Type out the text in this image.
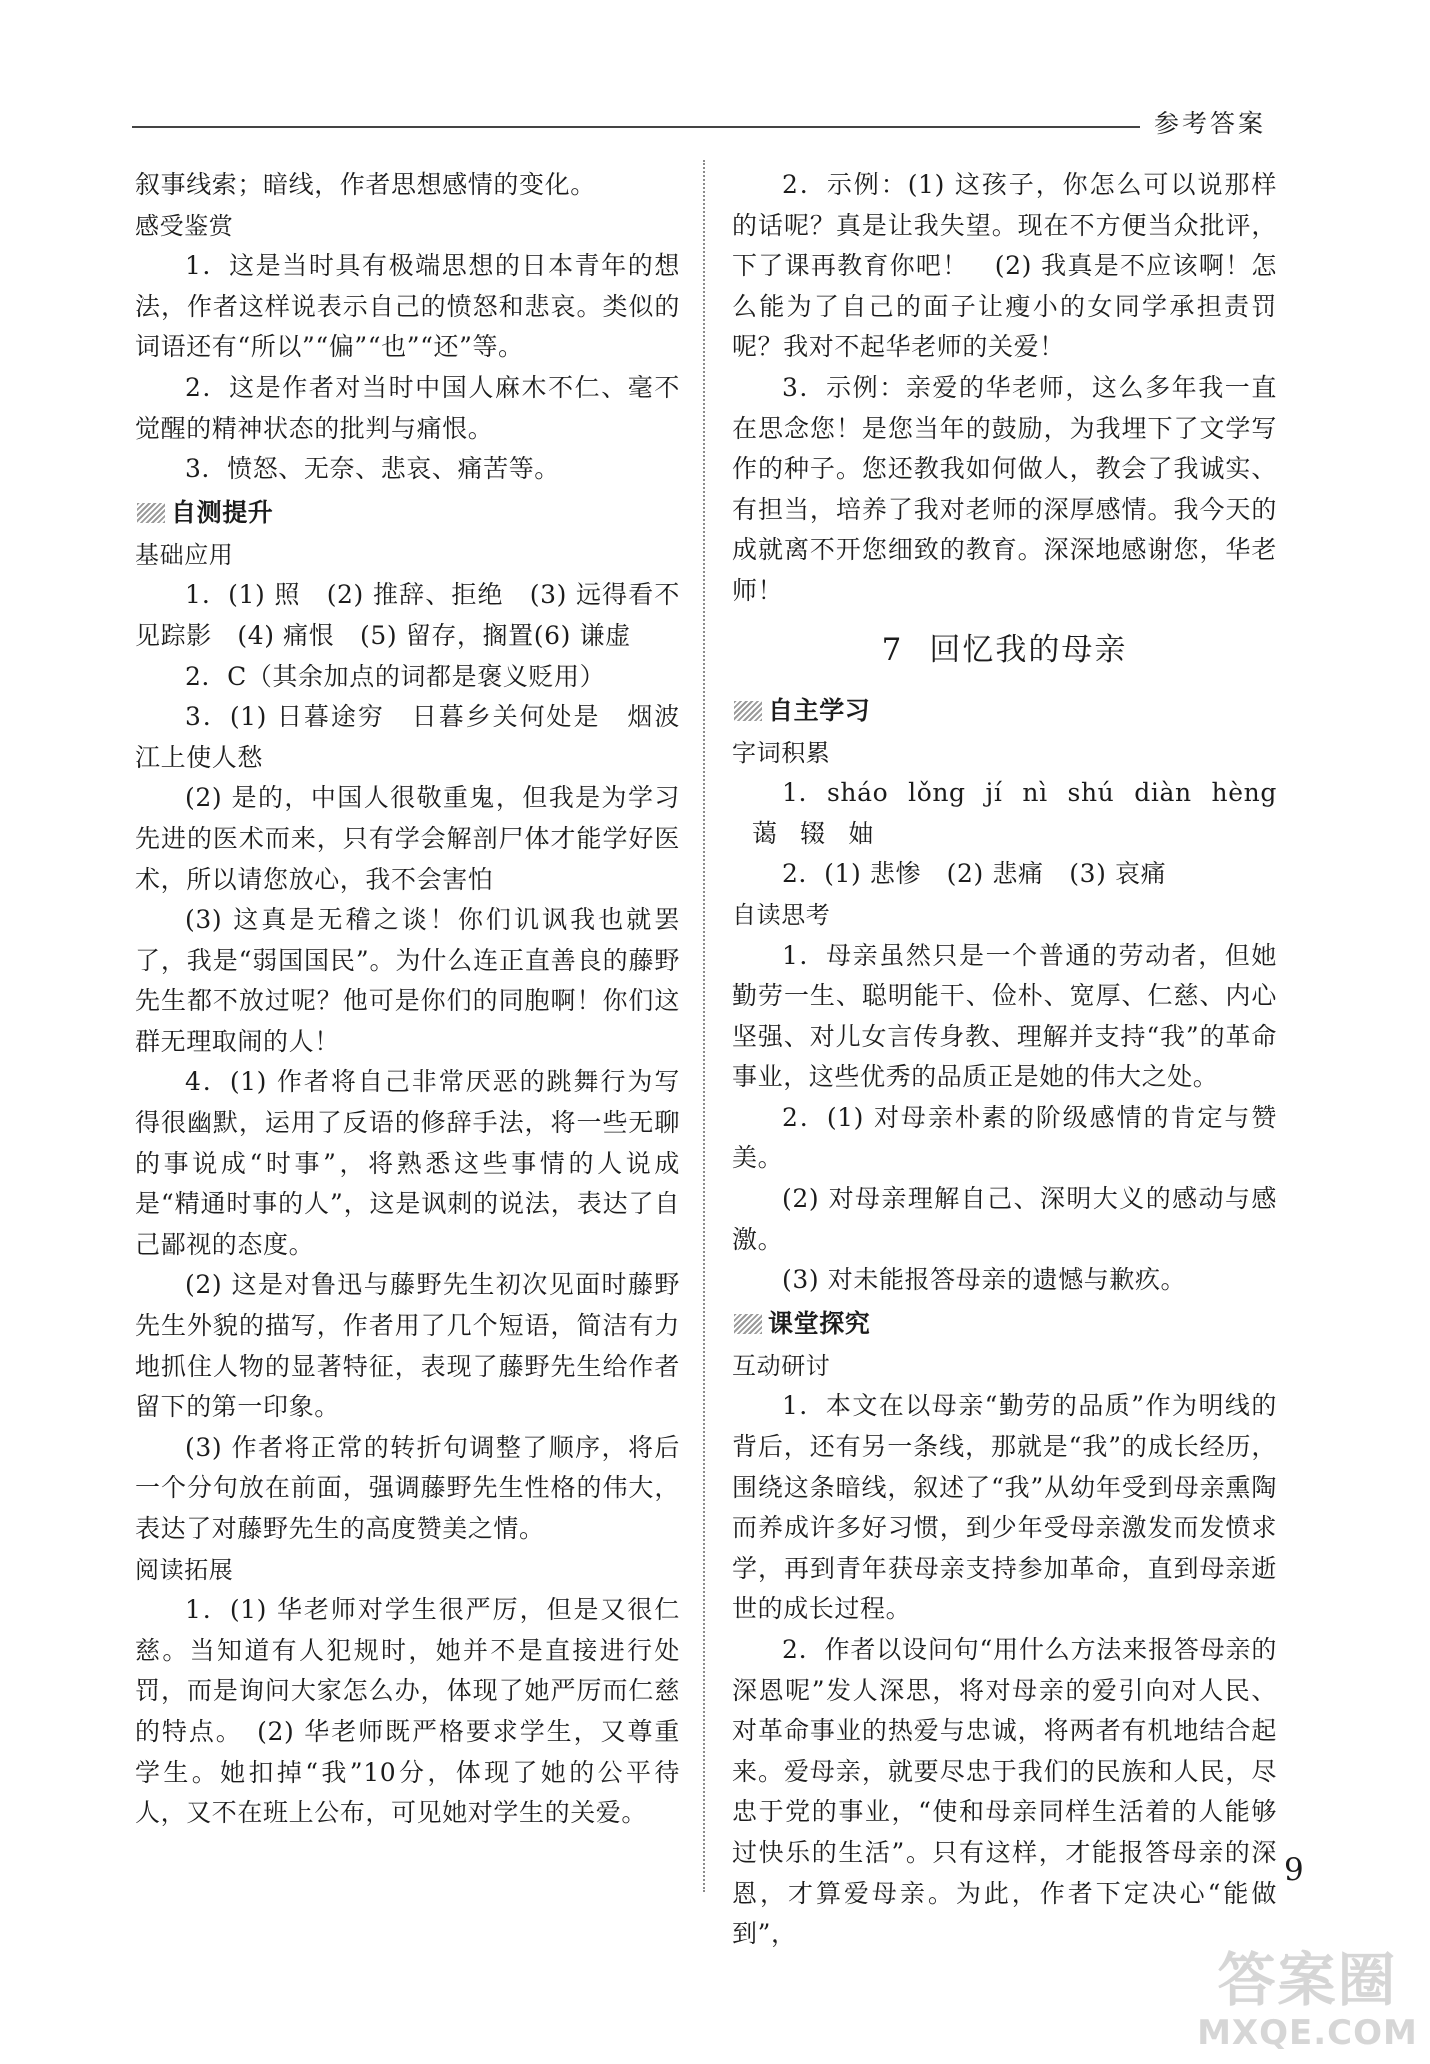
参考答案

叙事线索；暗线，作者思想感情的变化。

感受鉴赏

1．这是当时具有极端思想的日本青年的想法，作者这样说表示自己的愤怒和悲哀。类似的词语还有“所以”“偏”“也”“还”等。

2．这是作者对当时中国人麻木不仁、毫不觉醒的精神状态的批判与痛恨。

3．愤怒、无奈、悲哀、痛苦等。

自测提升

基础应用

1．(1) 照　(2) 推辞、拒绝　(3) 远得看不见踪影　(4) 痛恨　(5) 留存，搁置(6) 谦虚

2．C（其余加点的词都是褒义贬用）

3．(1) 日暮途穷　日暮乡关何处是　烟波江上使人愁

(2) 是的，中国人很敬重鬼，但我是为学习先进的医术而来，只有学会解剖尸体才能学好医术，所以请您放心，我不会害怕

(3) 这真是无稽之谈！你们讥讽我也就罢了，我是“弱国国民”。为什么连正直善良的藤野先生都不放过呢？他可是你们的同胞啊！你们这群无理取闹的人！

4．(1) 作者将自己非常厌恶的跳舞行为写得很幽默，运用了反语的修辞手法，将一些无聊的事说成“时事”，将熟悉这些事情的人说成是“精通时事的人”，这是讽刺的说法，表达了自己鄙视的态度。

(2) 这是对鲁迅与藤野先生初次见面时藤野先生外貌的描写，作者用了几个短语，简洁有力地抓住人物的显著特征，表现了藤野先生给作者留下的第一印象。

(3) 作者将正常的转折句调整了顺序，将后一个分句放在前面，强调藤野先生性格的伟大，表达了对藤野先生的高度赞美之情。

阅读拓展

1．(1) 华老师对学生很严厉，但是又很仁慈。当知道有人犯规时，她并不是直接进行处罚，而是询问大家怎么办，体现了她严厉而仁慈的特点。　(2) 华老师既严格要求学生，又尊重学生。她扣掉“我”10分，体现了她的公平待人，又不在班上公布，可见她对学生的关爱。

2．示例：(1) 这孩子，你怎么可以说那样的话呢？真是让我失望。现在不方便当众批评，下了课再教育你吧！　(2) 我真是不应该啊！怎么能为了自己的面子让瘦小的女同学承担责罚呢？我对不起华老师的关爱！

3．示例：亲爱的华老师，这么多年我一直在思念您！是您当年的鼓励，为我埋下了文学写作的种子。您还教我如何做人，教会了我诚实、有担当，培养了我对老师的深厚感情。我今天的成就离不开您细致的教育。深深地感谢您，华老师！

7 回忆我的母亲
自主学习

字词积累

1. sháo lǒng jí nì shú diàn hèng
蔼 辍 妯

2．(1) 悲惨　(2) 悲痛　(3) 哀痛

自读思考

1．母亲虽然只是一个普通的劳动者，但她勤劳一生、聪明能干、俭朴、宽厚、仁慈、内心坚强、对儿女言传身教、理解并支持“我”的革命事业，这些优秀的品质正是她的伟大之处。

2．(1) 对母亲朴素的阶级感情的肯定与赞美。

(2) 对母亲理解自己、深明大义的感动与感激。

(3) 对未能报答母亲的遗憾与歉疚。

课堂探究

互动研讨

1．本文在以母亲“勤劳的品质”作为明线的背后，还有另一条线，那就是“我”的成长经历，围绕这条暗线，叙述了“我”从幼年受到母亲熏陶而养成许多好习惯，到少年受母亲激发而发愤求学，再到青年获母亲支持参加革命，直到母亲逝世的成长过程。

2．作者以设问句“用什么方法来报答母亲的深恩呢”发人深思，将对母亲的爱引向对人民、对革命事业的热爱与忠诚，将两者有机地结合起来。爱母亲，就要尽忠于我们的民族和人民，尽忠于党的事业，“使和母亲同样生活着的人能够过快乐的生活”。只有这样，才能报答母亲的深恩，才算爱母亲。为此，作者下定决心“能做到”，

9
答案圈
MXQE.COM
